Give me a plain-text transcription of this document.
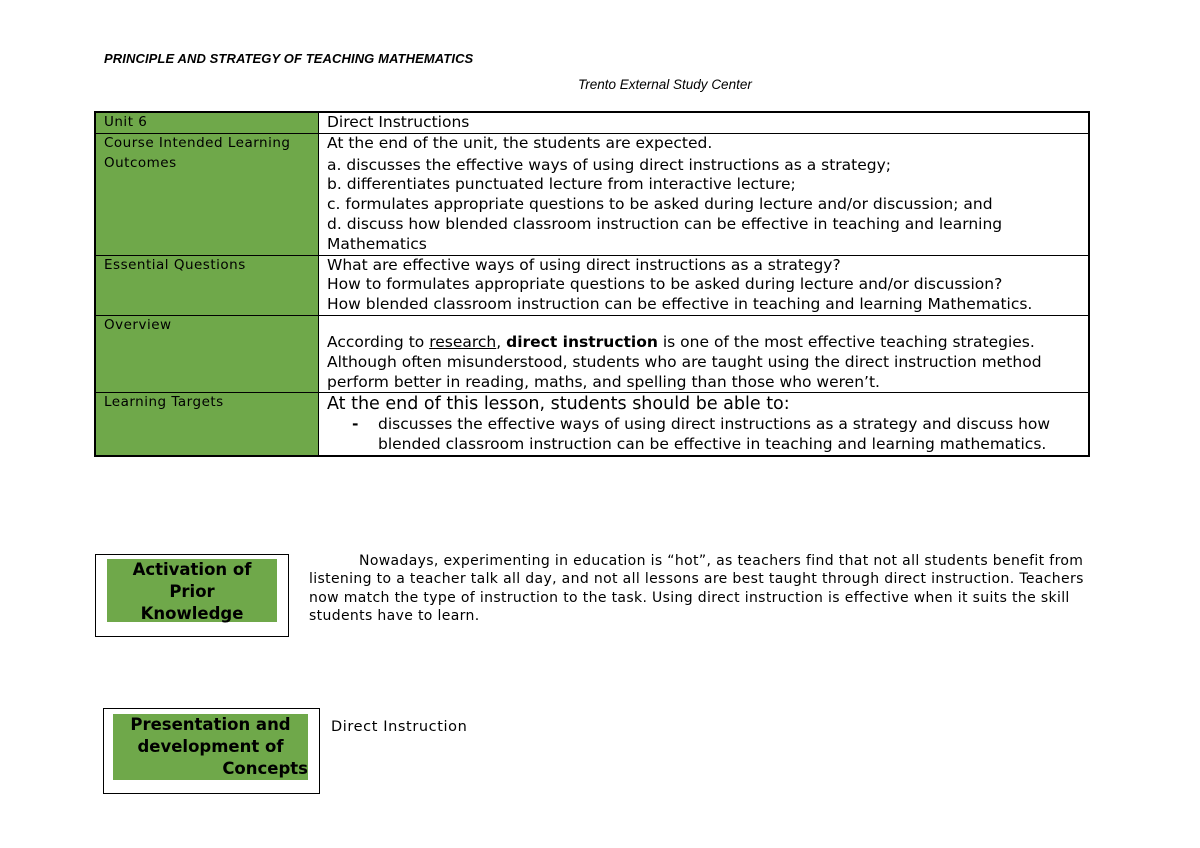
PRINCIPLE AND STRATEGY OF TEACHING MATHEMATICS
Trento External Study Center
Unit 6	Direct Instructions
Course Intended Learning Outcomes	At the end of the unit, the students are expected.
a. discusses the effective ways of using direct instructions as a strategy;
b. differentiates punctuated lecture from interactive lecture;
c. formulates appropriate questions to be asked during lecture and/or discussion; and
d. discuss how blended classroom instruction can be effective in teaching and learning Mathematics

Essential Questions	What are effective ways of using direct instructions as a strategy?
How to formulates appropriate questions to be asked during lecture and/or discussion?
How blended classroom instruction can be effective in teaching and learning Mathematics.

Overview	According to research, direct instruction is one of the most effective teaching strategies. Although often misunderstood, students who are taught using the direct instruction method perform better in reading, maths, and spelling than those who weren’t.
Learning Targets	At the end of this lesson, students should be able to:
- discusses the effective ways of using direct instructions as a strategy and discuss how blended classroom instruction can be effective in teaching and learning mathematics.
Activation of
Prior
Knowledge
Nowadays, experimenting in education is “hot”, as teachers find that not all students benefit from listening to a teacher talk all day, and not all lessons are best taught through direct instruction. Teachers now match the type of instruction to the task. Using direct instruction is effective when it suits the skill students have to learn.
Presentation and
development of
Concepts
Direct Instruction
